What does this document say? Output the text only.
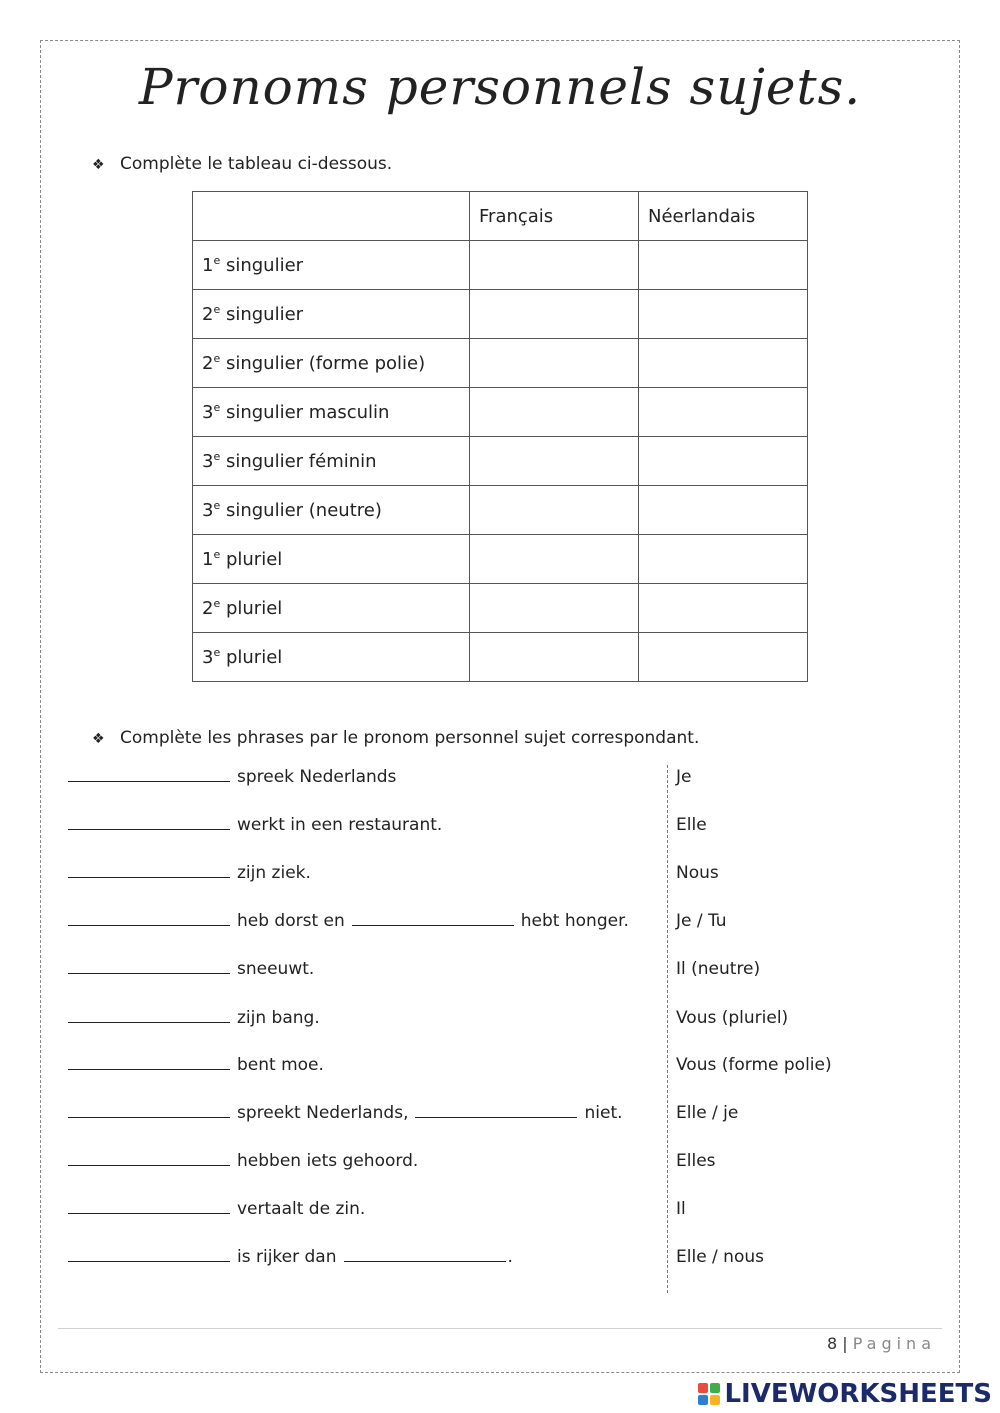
Pronoms personnels sujets.
❖ Complète le tableau ci-dessous.
	Français	Néerlandais
1e singulier		
2e singulier		
2e singulier (forme polie)		
3e singulier masculin		
3e singulier féminin		
3e singulier (neutre)		
1e pluriel		
2e pluriel		
3e pluriel		
❖ Complète les phrases par le pronom personnel sujet correspondant.
spreek Nederlands	Je
werkt in een restaurant.	Elle
zijn ziek.	Nous
heb dorst en	hebt honger.	Je / Tu
sneeuwt.	Il (neutre)
zijn bang.	Vous (pluriel)
bent moe.	Vous (forme polie)
spreekt Nederlands,	niet.	Elle / je
hebben iets gehoord.	Elles
vertaalt de zin.	Il
is rijker dan	.	Elle / nous
8 | Pagina
LIVEWORKSHEETS
